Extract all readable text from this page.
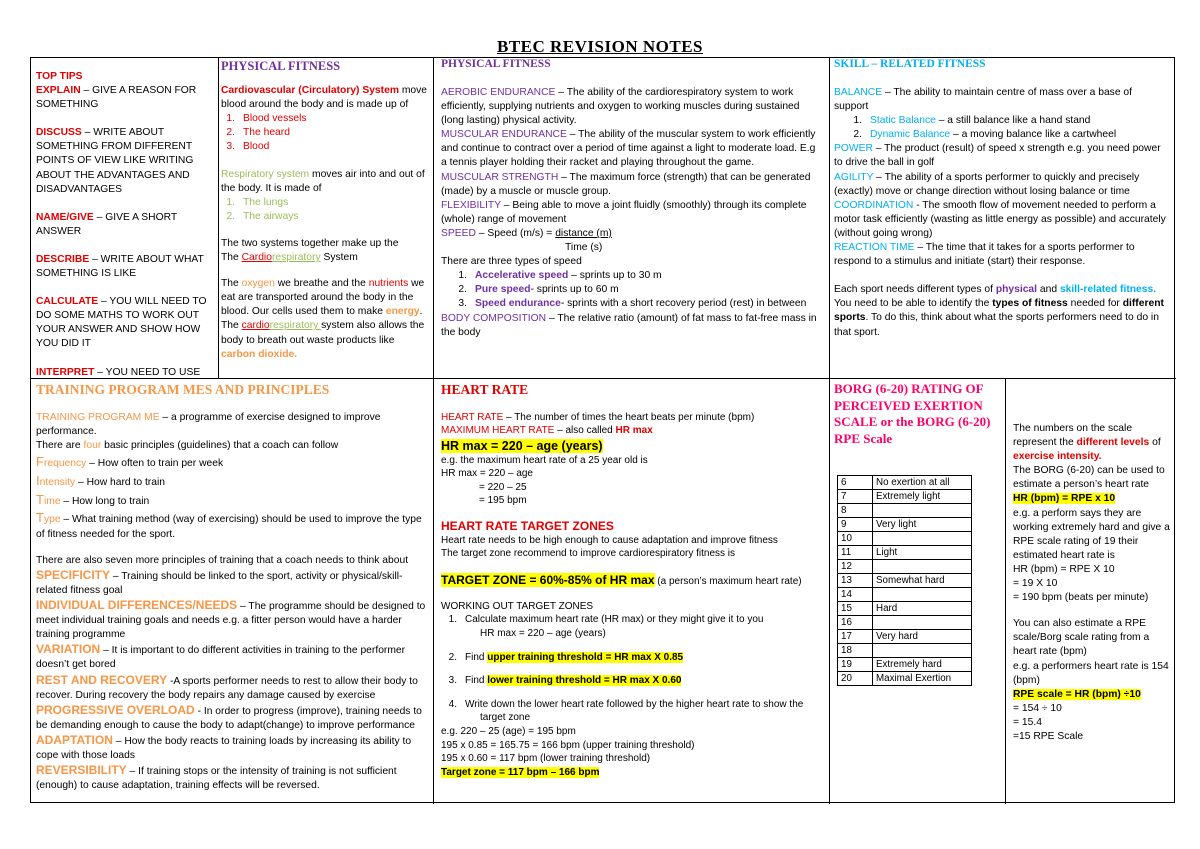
BTEC REVISION NOTES
TOP TIPS
EXPLAIN – GIVE A REASON FOR SOMETHING
DISCUSS – WRITE ABOUT SOMETHING FROM DIFFERENT POINTS OF VIEW LIKE WRITING ABOUT THE ADVANTAGES AND DISADVANTAGES
NAME/GIVE – GIVE A SHORT ANSWER
DESCRIBE – WRITE ABOUT WHAT SOMETHING IS LIKE
CALCULATE – YOU WILL NEED TO DO SOME MATHS TO WORK OUT YOUR ANSWER AND SHOW HOW YOU DID IT
INTERPRET – YOU NEED TO USE
PHYSICAL FITNESS
Cardiovascular (Circulatory) System move blood around the body and is made up of
1. Blood vessels
2. The heard
3. Blood
Respiratory system moves air into and out of the body. It is made of
1. The lungs
2. The airways
The two systems together make up the
The Cardiorespiratory System
The oxygen we breathe and the nutrients we eat are transported around the body in the blood. Our cells used them to make energy. The cardiorespiratory system also allows the body to breath out waste products like carbon dioxide.
PHYSICAL FITNESS
AEROBIC ENDURANCE – The ability of the cardiorespiratory system to work efficiently, supplying nutrients and oxygen to working muscles during sustained (long lasting) physical activity.
MUSCULAR ENDURANCE – The ability of the muscular system to work efficiently and continue to contract over a period of time against a light to moderate load. E.g a tennis player holding their racket and playing throughout the game.
MUSCULAR STRENGTH – The maximum force (strength) that can be generated (made) by a muscle or muscle group.
FLEXIBILITY – Being able to move a joint fluidly (smoothly) through its complete (whole) range of movement
SPEED – Speed (m/s) = distance (m)
Time (s)
There are three types of speed
1. Accelerative speed – sprints up to 30 m
2. Pure speed- sprints up to 60 m
3. Speed endurance- sprints with a short recovery period (rest) in between
BODY COMPOSITION – The relative ratio (amount) of fat mass to fat-free mass in the body
SKILL – RELATED FITNESS
BALANCE – The ability to maintain centre of mass over a base of support
1. Static Balance – a still balance like a hand stand
2. Dynamic Balance – a moving balance like a cartwheel
POWER – The product (result) of speed x strength e.g. you need power to drive the ball in golf
AGILITY – The ability of a sports performer to quickly and precisely (exactly) move or change direction without losing balance or time
COORDINATION - The smooth flow of movement needed to perform a motor task efficiently (wasting as little energy as possible) and accurately (without going wrong)
REACTION TIME – The time that it takes for a sports performer to respond to a stimulus and initiate (start) their response.
Each sport needs different types of physical and skill-related fitness. You need to be able to identify the types of fitness needed for different sports. To do this, think about what the sports performers need to do in that sport.
TRAINING PROGRAM MES AND PRINCIPLES
TRAINING PROGRAM ME – a programme of exercise designed to improve performance.
There are four basic principles (guidelines) that a coach can follow
Frequency – How often to train per week
Intensity – How hard to train
Time – How long to train
Type – What training method (way of exercising) should be used to improve the type of fitness needed for the sport.
There are also seven more principles of training that a coach needs to think about
SPECIFICITY – Training should be linked to the sport, activity or physical/skill-related fitness goal
INDIVIDUAL DIFFERENCES/NEEDS – The programme should be designed to meet individual training goals and needs e.g. a fitter person would have a harder training programme
VARIATION – It is important to do different activities in training to the performer doesn’t get bored
REST AND RECOVERY -A sports performer needs to rest to allow their body to recover. During recovery the body repairs any damage caused by exercise
PROGRESSIVE OVERLOAD - In order to progress (improve), training needs to be demanding enough to cause the body to adapt(change) to improve performance
ADAPTATION – How the body reacts to training loads by increasing its ability to cope with those loads
REVERSIBILITY – If training stops or the intensity of training is not sufficient (enough) to cause adaptation, training effects will be reversed.
HEART RATE
HEART RATE – The number of times the heart beats per minute (bpm)
MAXIMUM HEART RATE – also called HR max
HR max = 220 – age (years)
e.g. the maximum heart rate of a 25 year old is
HR max = 220 – age
= 220 – 25
= 195 bpm
HEART RATE TARGET ZONES
Heart rate needs to be high enough to cause adaptation and improve fitness
The target zone recommend to improve cardiorespiratory fitness is
TARGET ZONE = 60%-85% of HR max (a person’s maximum heart rate)
WORKING OUT TARGET ZONES
1. Calculate maximum heart rate (HR max) or they might give it to you
HR max = 220 – age (years)
2. Find upper training threshold = HR max X 0.85
3. Find lower training threshold = HR max X 0.60
4. Write down the lower heart rate followed by the higher heart rate to show the target zone
e.g. 220 – 25 (age) = 195 bpm
195 x 0.85 = 165.75 = 166 bpm (upper training threshold)
195 x 0.60 = 117 bpm (lower training threshold)
Target zone = 117 bpm – 166 bpm
BORG (6-20) RATING OF PERCEIVED EXERTION SCALE or the BORG (6-20) RPE Scale
6	No exertion at all
7	Extremely light
8	
9	Very light
10	
11	Light
12	
13	Somewhat hard
14	
15	Hard
16	
17	Very hard
18	
19	Extremely hard
20	Maximal Exertion
The numbers on the scale represent the different levels of exercise intensity.
The BORG (6-20) can be used to estimate a person’s heart rate
HR (bpm) = RPE x 10
e.g. a perform says they are working extremely hard and give a RPE scale rating of 19 their estimated heart rate is
HR (bpm) = RPE X 10
= 19 X 10
= 190 bpm (beats per minute)
You can also estimate a RPE scale/Borg scale rating from a heart rate (bpm)
e.g. a performers heart rate is 154 (bpm)
RPE scale = HR (bpm) ÷10
= 154 ÷ 10
= 15.4
=15 RPE Scale
